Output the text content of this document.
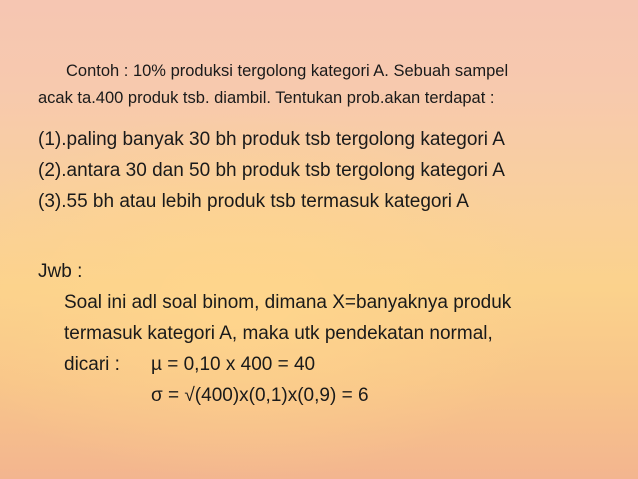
Contoh : 10% produksi tergolong kategori A. Sebuah sampel
acak ta.400 produk tsb. diambil. Tentukan prob.akan terdapat :
(1).paling banyak 30 bh produk tsb tergolong kategori A
(2).antara 30 dan 50 bh produk tsb tergolong kategori A
(3).55 bh atau lebih produk tsb termasuk kategori A
Jwb :
Soal ini adl soal binom, dimana X=banyaknya produk
termasuk kategori A, maka utk pendekatan normal,
dicari : µ = 0,10 x 400 = 40
σ = √(400)x(0,1)x(0,9) = 6
